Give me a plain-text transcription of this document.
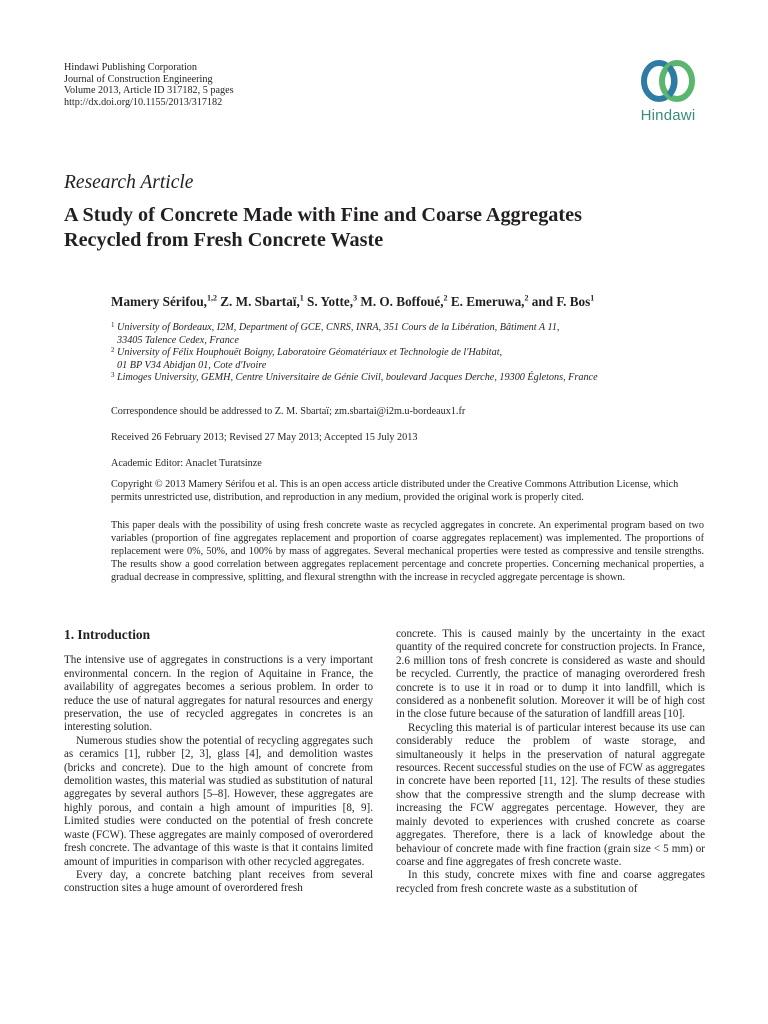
Hindawi Publishing Corporation
Journal of Construction Engineering
Volume 2013, Article ID 317182, 5 pages
http://dx.doi.org/10.1155/2013/317182
Hindawi
Research Article
A Study of Concrete Made with Fine and Coarse Aggregates
Recycled from Fresh Concrete Waste
Mamery Sérifou,$^{1,2}$ Z. M. Sbartaï,$^1$ S. Yotte,$^3$ M. O. Boffoué,$^2$ E. Emeruwa,$^2$ and F. Bos$^1$
1 University of Bordeaux, I2M, Department of GCE, CNRS, INRA, 351 Cours de la Libération, Bâtiment A 11,
33405 Talence Cedex, France
2 University of Félix Houphouët Boigny, Laboratoire Géomatériaux et Technologie de l'Habitat,
01 BP V34 Abidjan 01, Cote d'Ivoire
3 Limoges University, GEMH, Centre Universitaire de Génie Civil, boulevard Jacques Derche, 19300 Égletons, France
Correspondence should be addressed to Z. M. Sbartaï; zm.sbartai@i2m.u-bordeaux1.fr
Received 26 February 2013; Revised 27 May 2013; Accepted 15 July 2013
Academic Editor: Anaclet Turatsinze
Copyright © 2013 Mamery Sérifou et al. This is an open access article distributed under the Creative Commons Attribution License, which permits unrestricted use, distribution, and reproduction in any medium, provided the original work is properly cited.
This paper deals with the possibility of using fresh concrete waste as recycled aggregates in concrete. An experimental program based on two variables (proportion of fine aggregates replacement and proportion of coarse aggregates replacement) was implemented. The proportions of replacement were 0%, 50%, and 100% by mass of aggregates. Several mechanical properties were tested as compressive and tensile strengths. The results show a good correlation between aggregates replacement percentage and concrete properties. Concerning mechanical properties, a gradual decrease in compressive, splitting, and flexural strengthn with the increase in recycled aggregate percentage is shown.
1. Introduction

The intensive use of aggregates in constructions is a very important environmental concern. In the region of Aquitaine in France, the availability of aggregates becomes a serious problem. In order to reduce the use of natural aggregates for natural resources and energy preservation, the use of recycled aggregates in concretes is an interesting solution.

Numerous studies show the potential of recycling aggregates such as ceramics [1], rubber [2, 3], glass [4], and demolition wastes (bricks and concrete). Due to the high amount of concrete from demolition wastes, this material was studied as substitution of natural aggregates by several authors [5–8]. However, these aggregates are highly porous, and contain a high amount of impurities [8, 9]. Limited studies were conducted on the potential of fresh concrete waste (FCW). These aggregates are mainly composed of overordered fresh concrete. The advantage of this waste is that it contains limited amount of impurities in comparison with other recycled aggregates.

Every day, a concrete batching plant receives from several construction sites a huge amount of overordered fresh

concrete. This is caused mainly by the uncertainty in the exact quantity of the required concrete for construction projects. In France, 2.6 million tons of fresh concrete is considered as waste and should be recycled. Currently, the practice of managing overordered fresh concrete is to use it in road or to dump it into landfill, which is considered as a nonbenefit solution. Moreover it will be of high cost in the close future because of the saturation of landfill areas [10].

Recycling this material is of particular interest because its use can considerably reduce the problem of waste storage, and simultaneously it helps in the preservation of natural aggregate resources. Recent successful studies on the use of FCW as aggregates in concrete have been reported [11, 12]. The results of these studies show that the compressive strength and the slump decrease with increasing the FCW aggregates percentage. However, they are mainly devoted to experiences with crushed concrete as coarse aggregates. Therefore, there is a lack of knowledge about the behaviour of concrete made with fine fraction (grain size < 5 mm) or coarse and fine aggregates of fresh concrete waste.

In this study, concrete mixes with fine and coarse aggregates recycled from fresh concrete waste as a substitution of
